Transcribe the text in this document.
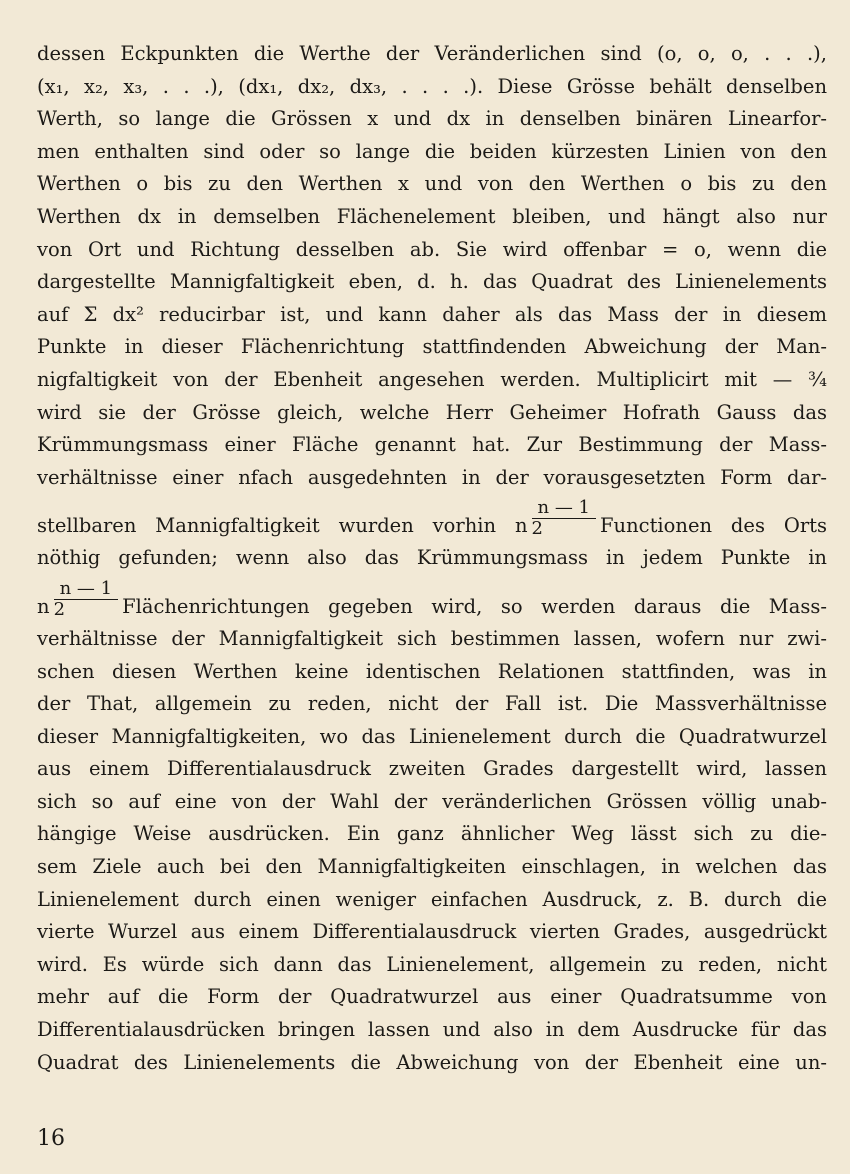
dessen Eckpunkten die Werthe der Veränderlichen sind (o, o, o, . . .),
(x₁, x₂, x₃, . . .), (dx₁, dx₂, dx₃, . . . .). Diese Grösse behält denselben
Werth, so lange die Grössen x und dx in denselben binären Linearfor-
men enthalten sind oder so lange die beiden kürzesten Linien von den
Werthen o bis zu den Werthen x und von den Werthen o bis zu den
Werthen dx in demselben Flächenelement bleiben, und hängt also nur
von Ort und Richtung desselben ab. Sie wird offenbar = o, wenn die
dargestellte Mannigfaltigkeit eben, d. h. das Quadrat des Linienelements
auf Σ dx² reducirbar ist, und kann daher als das Mass der in diesem
Punkte in dieser Flächenrichtung stattfindenden Abweichung der Man-
nigfaltigkeit von der Ebenheit angesehen werden. Multiplicirt mit — ¾
wird sie der Grösse gleich, welche Herr Geheimer Hofrath Gauss das
Krümmungsmass einer Fläche genannt hat. Zur Bestimmung der Mass-
verhältnisse einer nfach ausgedehnten in der vorausgesetzten Form dar-
stellbaren Mannigfaltigkeit wurden vorhin n $\frac{n — 1}{2}$ Functionen des Orts
nöthig gefunden; wenn also das Krümmungsmass in jedem Punkte in
n $\frac{n — 1}{2}$ Flächenrichtungen gegeben wird, so werden daraus die Mass-
verhältnisse der Mannigfaltigkeit sich bestimmen lassen, wofern nur zwi-
schen diesen Werthen keine identischen Relationen stattfinden, was in
der That, allgemein zu reden, nicht der Fall ist. Die Massverhältnisse
dieser Mannigfaltigkeiten, wo das Linienelement durch die Quadratwurzel
aus einem Differentialausdruck zweiten Grades dargestellt wird, lassen
sich so auf eine von der Wahl der veränderlichen Grössen völlig unab-
hängige Weise ausdrücken. Ein ganz ähnlicher Weg lässt sich zu die-
sem Ziele auch bei den Mannigfaltigkeiten einschlagen, in welchen das
Linienelement durch einen weniger einfachen Ausdruck, z. B. durch die
vierte Wurzel aus einem Differentialausdruck vierten Grades, ausgedrückt
wird. Es würde sich dann das Linienelement, allgemein zu reden, nicht
mehr auf die Form der Quadratwurzel aus einer Quadratsumme von
Differentialausdrücken bringen lassen und also in dem Ausdrucke für das
Quadrat des Linienelements die Abweichung von der Ebenheit eine un-
16
